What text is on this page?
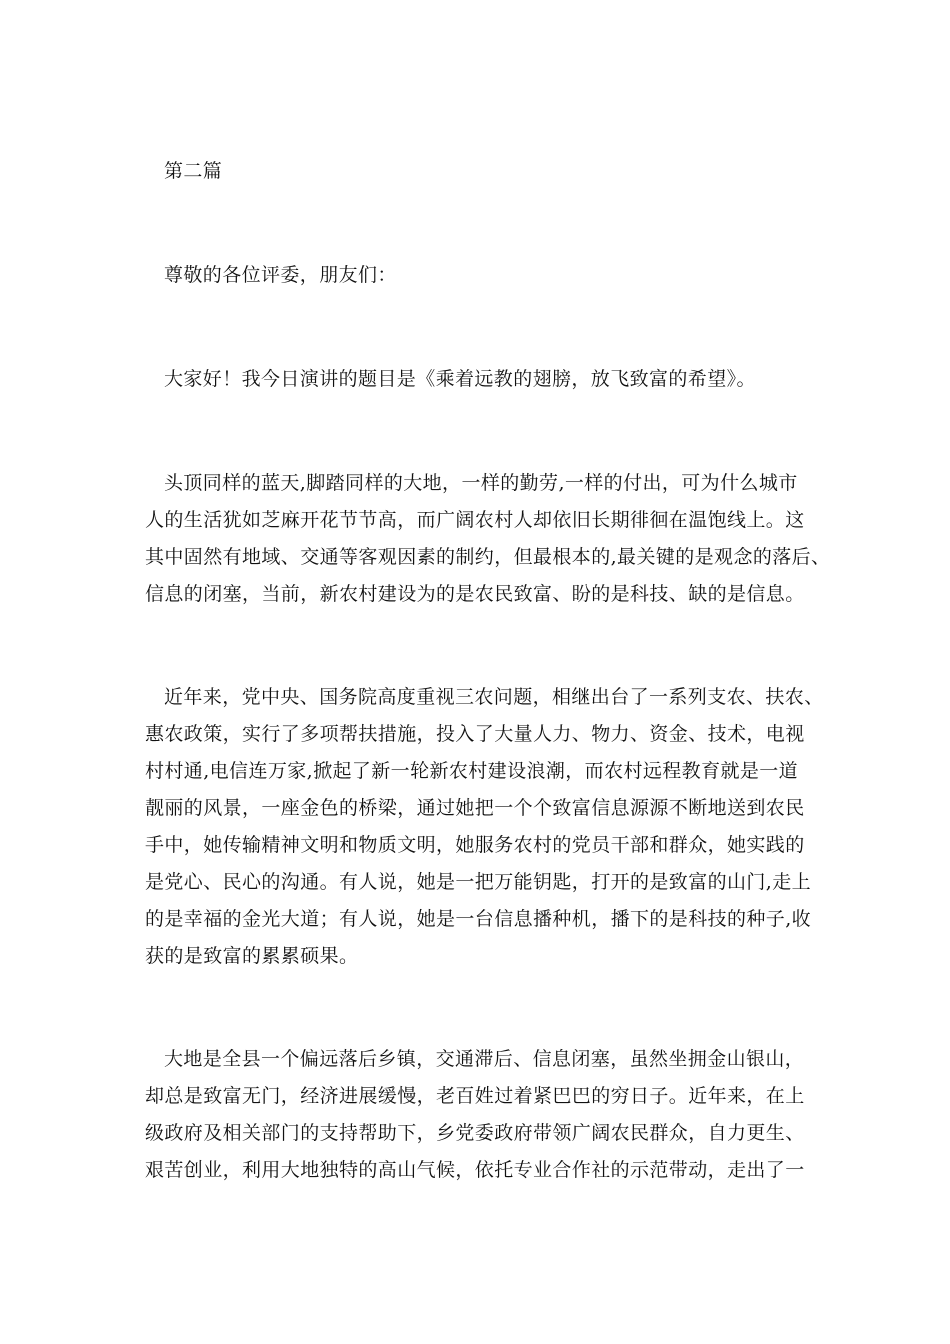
第二篇
尊敬的各位评委，朋友们：
大家好！我今日演讲的题目是《乘着远教的翅膀，放飞致富的希望》。
头顶同样的蓝天,脚踏同样的大地，一样的勤劳,一样的付出，可为什么城市
人的生活犹如芝麻开花节节高，而广阔农村人却依旧长期徘徊在温饱线上。这
其中固然有地域、交通等客观因素的制约，但最根本的,最关键的是观念的落后、
信息的闭塞，当前，新农村建设为的是农民致富、盼的是科技、缺的是信息。
近年来，党中央、国务院高度重视三农问题，相继出台了一系列支农、扶农、
惠农政策，实行了多项帮扶措施，投入了大量人力、物力、资金、技术，电视
村村通,电信连万家,掀起了新一轮新农村建设浪潮，而农村远程教育就是一道
靓丽的风景，一座金色的桥梁，通过她把一个个致富信息源源不断地送到农民
手中，她传输精神文明和物质文明，她服务农村的党员干部和群众，她实践的
是党心、民心的沟通。有人说，她是一把万能钥匙，打开的是致富的山门,走上
的是幸福的金光大道；有人说，她是一台信息播种机，播下的是科技的种子,收
获的是致富的累累硕果。
大地是全县一个偏远落后乡镇，交通滞后、信息闭塞，虽然坐拥金山银山，
却总是致富无门，经济进展缓慢，老百姓过着紧巴巴的穷日子。近年来，在上
级政府及相关部门的支持帮助下，乡党委政府带领广阔农民群众，自力更生、
艰苦创业，利用大地独特的高山气候，依托专业合作社的示范带动，走出了一
